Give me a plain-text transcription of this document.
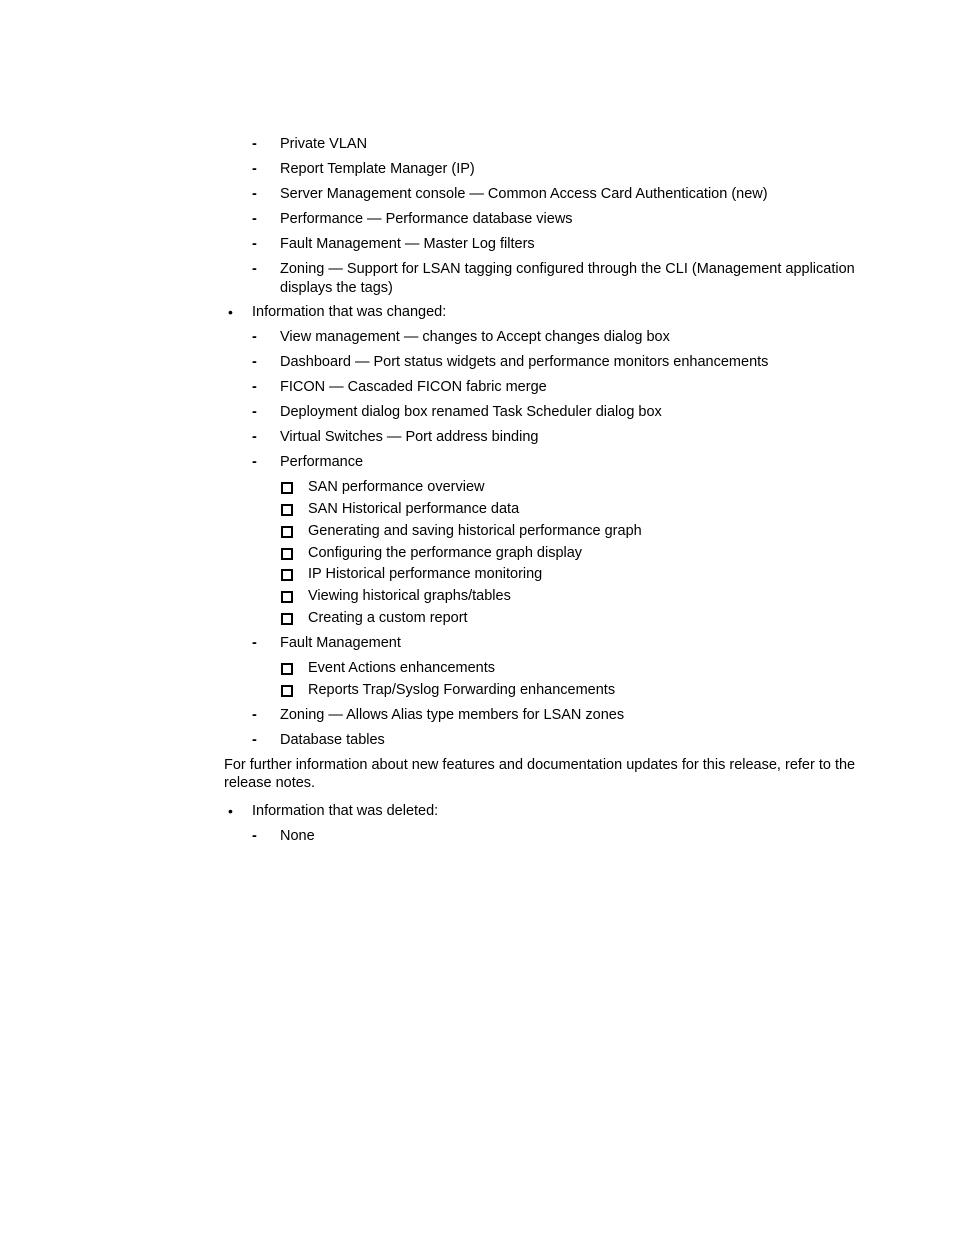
-	Private VLAN
-	Report Template Manager (IP)
-	Server Management console — Common Access Card Authentication (new)
-	Performance — Performance database views
-	Fault Management — Master Log filters
-	Zoning — Support for LSAN tagging configured through the CLI (Management application
displays the tags)
• Information that was changed:
-	View management — changes to Accept changes dialog box
-	Dashboard — Port status widgets and performance monitors enhancements
-	FICON — Cascaded FICON fabric merge
-	Deployment dialog box renamed Task Scheduler dialog box
-	Virtual Switches — Port address binding
-	Performance
SAN performance overview
SAN Historical performance data
Generating and saving historical performance graph
Configuring the performance graph display
IP Historical performance monitoring
Viewing historical graphs/tables
Creating a custom report
-	Fault Management
Event Actions enhancements
Reports Trap/Syslog Forwarding enhancements
-	Zoning — Allows Alias type members for LSAN zones
-	Database tables
For further information about new features and documentation updates for this release, refer to the release notes.
• Information that was deleted:
-	None
